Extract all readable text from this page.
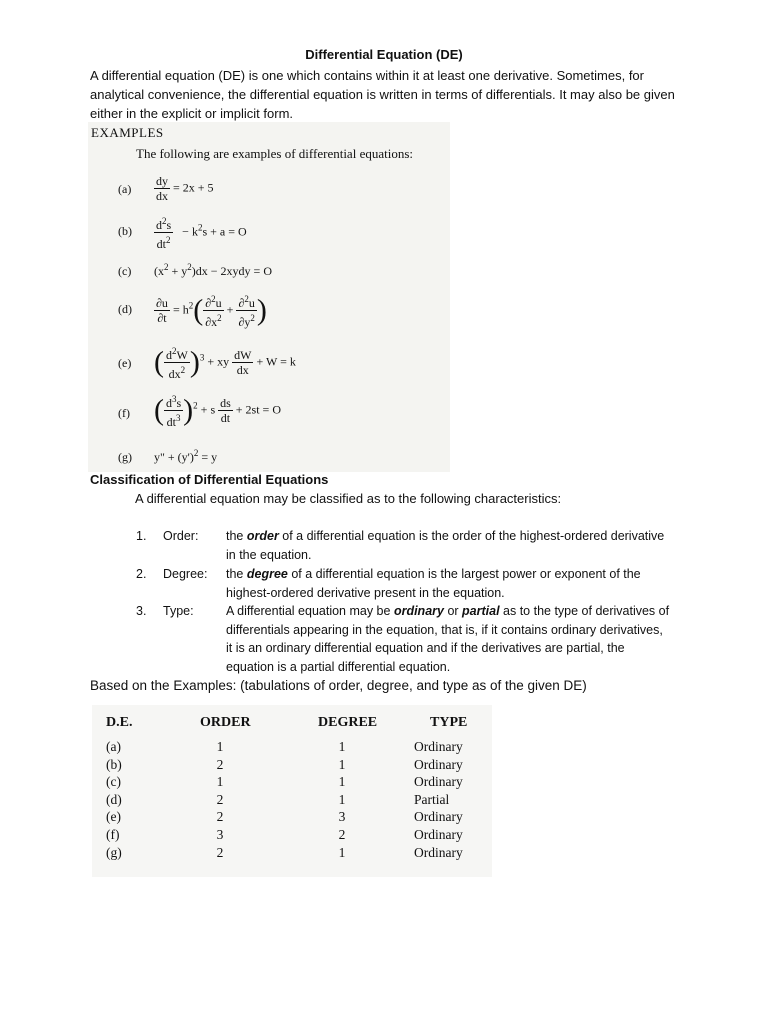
Differential Equation (DE)
A differential equation (DE) is one which contains within it at least one derivative. Sometimes, for analytical convenience, the differential equation is written in terms of differentials. It may also be given either in the explicit or implicit form.
EXAMPLES
The following are examples of differential equations:
$(a) \frac{dy}{dx} = 2x + 5$
$(b) \frac{d^2s}{dt^2} - k^2s + a = O$
(c) $(x^2 + y^2)dx$ − 2xydy = O
$(d) \frac{\partial u}{\partial t} = h^2( \frac{\partial^2u}{\partial x^2} + \frac{\partial^2u}{\partial y^2}$ )
(e) ( $\frac{d^2W}{dx^2} )^3$ + xy $\frac{dW}{dx} + W = k$
(f) ( $\frac{d^3s}{dt^3} )^2 + s \frac{ds}{dt} + 2st = O$
(g) y" + $(y')^2 = y$
Classification of Differential Equations
A differential equation may be classified as to the following characteristics:
1. Order: the order of a differential equation is the order of the highest-ordered derivative in the equation.
2. Degree: the degree of a differential equation is the largest power or exponent of the highest-ordered derivative present in the equation.
3. Type:	A differential equation may be ordinary or partial as to the type of derivatives of differentials appearing in the equation, that is, if it contains ordinary derivatives, it is an ordinary differential equation and if the derivatives are partial, the equation is a partial differential equation.
Based on the Examples: (tabulations of order, degree, and type as of the given DE)
D.E.	ORDER	DEGREE	TYPE
(a)	1	1	Ordinary
(b)	2	1	Ordinary
(c)	1	1	Ordinary
(d)	2	1	Partial
(e)	2	3	Ordinary
(f)	3	2	Ordinary
(g)	2	1	Ordinary
